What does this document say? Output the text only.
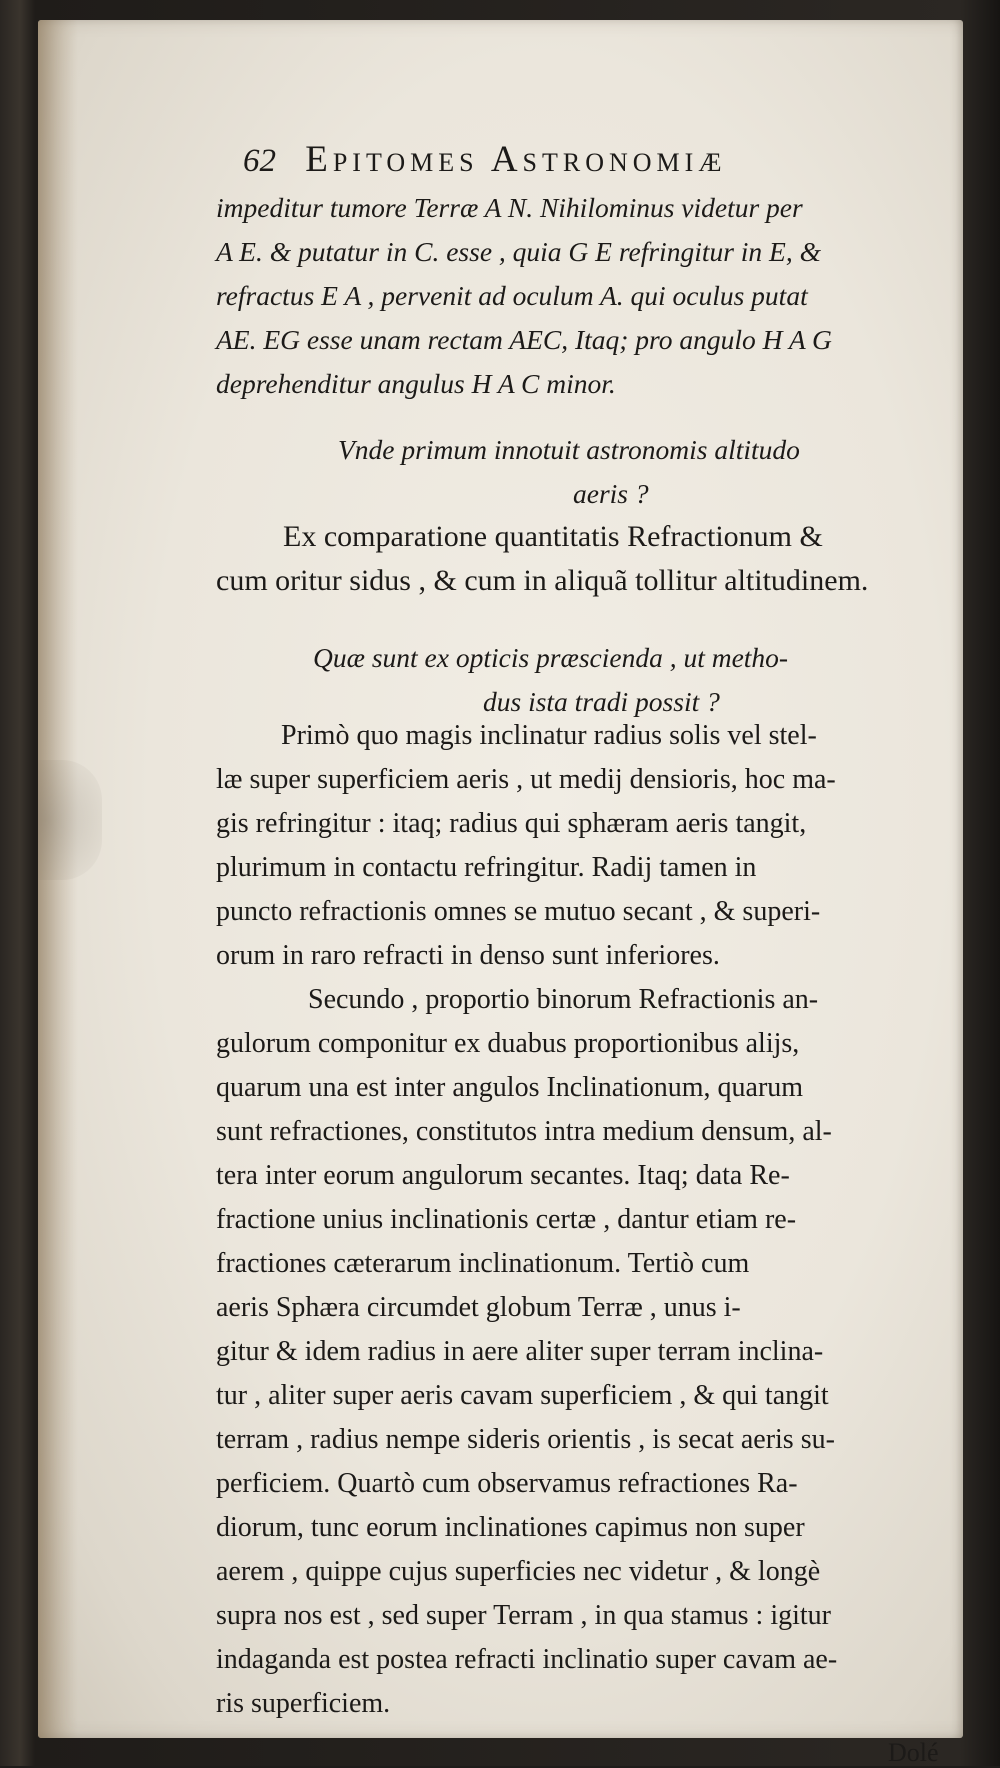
62 Epitomes Astronomiæ
impeditur tumore Terræ A N. Nihilominus videtur per
A E. & putatur in C. esse , quia G E refringitur in E, &
refractus E A , pervenit ad oculum A. qui oculus putat
AE. EG esse unam rectam AEC, Itaq; pro angulo H A G
deprehenditur angulus H A C minor.
Vnde primum innotuit astronomis altitudo
aeris ?
Ex comparatione quantitatis Refractionum &
cum oritur sidus , & cum in aliquã tollitur altitudinem.
Quæ sunt ex opticis præscienda , ut metho-
dus ista tradi possit ?
Primò quo magis inclinatur radius solis vel stel-
læ super superficiem aeris , ut medij densioris, hoc ma-
gis refringitur : itaq; radius qui sphæram aeris tangit,
plurimum in contactu refringitur. Radij tamen in
puncto refractionis omnes se mutuo secant , & superi-
orum in raro refracti in denso sunt inferiores.
Secundo , proportio binorum Refractionis an-
gulorum componitur ex duabus proportionibus alijs,
quarum una est inter angulos Inclinationum, quarum
sunt refractiones, constitutos intra medium densum, al-
tera inter eorum angulorum secantes. Itaq; data Re-
fractione unius inclinationis certæ , dantur etiam re-
fractiones cæterarum inclinationum. Tertiò cum
aeris Sphæra circumdet globum Terræ , unus i-
gitur & idem radius in aere aliter super terram inclina-
tur , aliter super aeris cavam superficiem , & qui tangit
terram , radius nempe sideris orientis , is secat aeris su-
perficiem. Quartò cum observamus refractiones Ra-
diorum, tunc eorum inclinationes capimus non super
aerem , quippe cujus superficies nec videtur , & longè
supra nos est , sed super Terram , in qua stamus : igitur
indaganda est postea refracti inclinatio super cavam ae-
ris superficiem.
Dolé
